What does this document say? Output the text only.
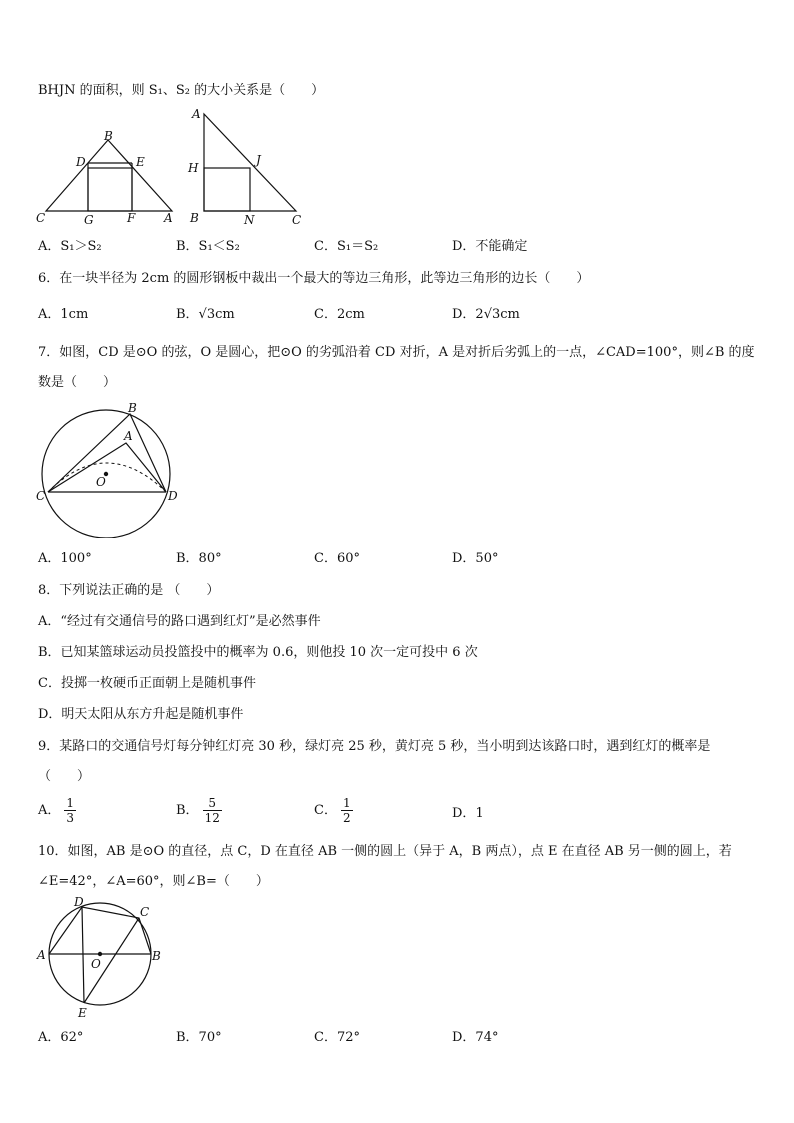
BHJN 的面积，则 S₁、S₂ 的大小关系是（　　）
B
D	E
C	G	F A
A
H
J
B	N	C
A．S₁＞S₂	B．S₁＜S₂	C．S₁＝S₂	D．不能确定
6．在一块半径为 2cm 的圆形钢板中裁出一个最大的等边三角形，此等边三角形的边长（　　）
A．1cm	B．√3cm	C．2cm	D．2√3cm
7．如图，CD 是⊙O 的弦，O 是圆心，把⊙O 的劣弧沿着 CD 对折，A 是对折后劣弧上的一点，∠CAD=100°，则∠B 的度
数是（　　）
B
A
O
C	D
A．100°	B．80°	C．60°	D．50°
8．下列说法正确的是 （　　）
A．“经过有交通信号的路口遇到红灯”是必然事件
B．已知某篮球运动员投篮投中的概率为 0.6，则他投 10 次一定可投中 6 次
C．投掷一枚硬币正面朝上是随机事件
D．明天太阳从东方升起是随机事件
9．某路口的交通信号灯每分钟红灯亮 30 秒，绿灯亮 25 秒，黄灯亮 5 秒，当小明到达该路口时，遇到红灯的概率是
（　　）
A． $\frac{1}{3}$	B． $\frac{5}{12}$	C． $\frac{1}{2}$	D．1
10．如图，AB 是⊙O 的直径，点 C，D 在直径 AB 一侧的圆上（异于 A，B 两点），点 E 在直径 AB 另一侧的圆上，若
∠E=42°，∠A=60°，则∠B=（　　）
D
C
A
O
B
E
A．62°	B．70°	C．72°	D．74°
